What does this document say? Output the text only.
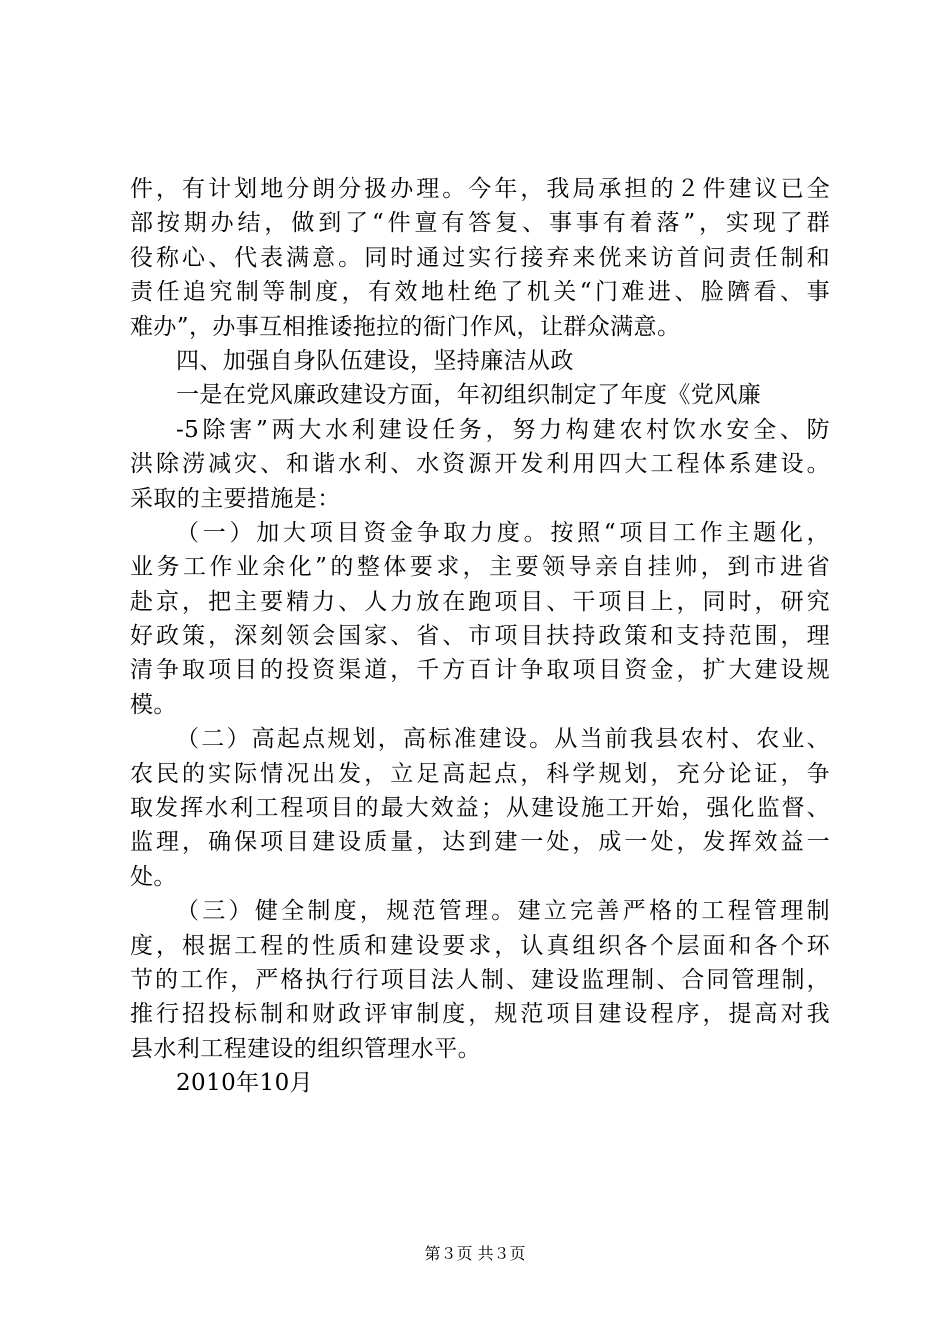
件，有计划地分朗分扱办理。今年，我局承担的２件建议已全
部按期办结，做到了“件亶有答复、事事有着落”，实现了群
役称心、代表满意。同时通过实行接弃来侊来访首问责任制和
责任追究制等制度，有效地杜绝了机关“门难进、脸隮看、事
难办”，办事互相推诿拖拉的衙门作风，让群众满意。
四、加强自身队伍建设，坚持廉洁从政
一是在党风廉政建设方面，年初组织制定了年度《党风廉
-5除害”两大水利建设任务，努力构建农村饮水安全、防
洪除涝减灾、和谐水利、水资源开发利用四大工程体系建设。
采取的主要措施是：
（一）加大项目资金争取力度。按照“项目工作主题化，
业务工作业余化”的整体要求，主要领导亲自挂帅，到市进省
赴京，把主要精力、人力放在跑项目、干项目上，同时，研究
好政策，深刻领会国家、省、市项目扶持政策和支持范围，理
清争取项目的投资渠道，千方百计争取项目资金，扩大建设规
模。
（二）高起点规划，高标准建设。从当前我县农村、农业、
农民的实际情况出发，立足高起点，科学规划，充分论证，争
取发挥水利工程项目的最大效益；从建设施工开始，强化监督、
监理，确保项目建设质量，达到建一处，成一处，发挥效益一
处。
（三）健全制度，规范管理。建立完善严格的工程管理制
度，根据工程的性质和建设要求，认真组织各个层面和各个环
节的工作，严格执行行项目法人制、建设监理制、合同管理制，
推行招投标制和财政评审制度，规范项目建设程序，提高对我
县水利工程建设的组织管理水平。
2010年10月
第３页 共３页
